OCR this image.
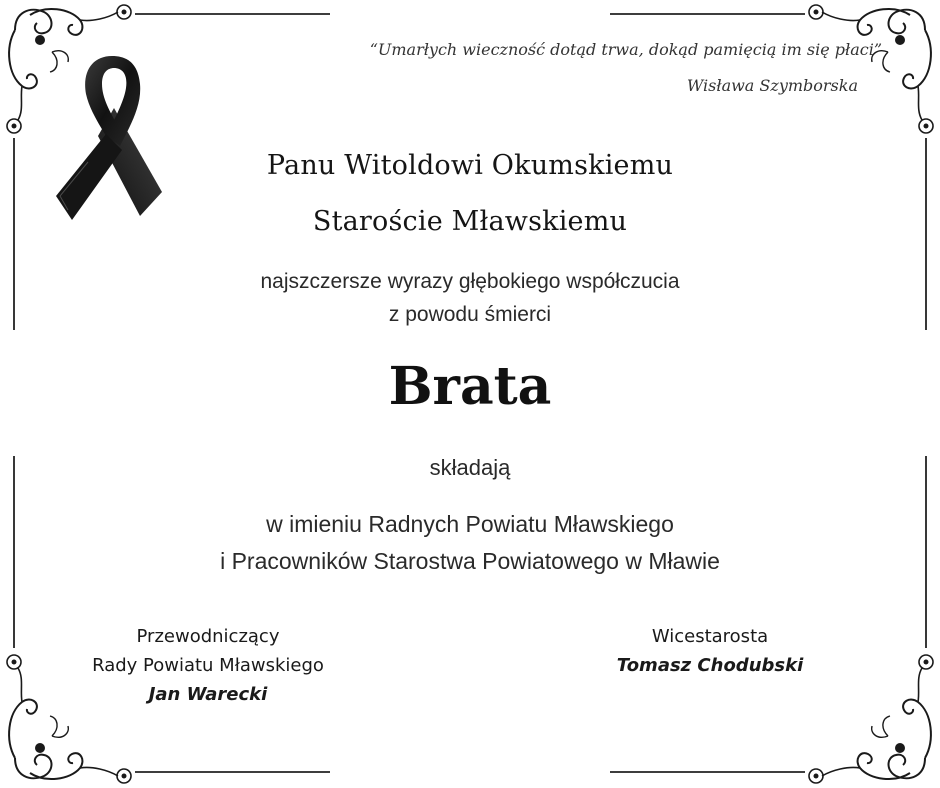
“Umarłych wieczność dotąd trwa, dokąd pamięcią im się płaci”
Wisława Szymborska
Panu Witoldowi Okumskiemu
Staroście Mławskiemu
najszczersze wyrazy głębokiego współczucia
z powodu śmierci
Brata
składają
w imieniu Radnych Powiatu Mławskiego
i Pracowników Starostwa Powiatowego w Mławie
Przewodniczący
Rady Powiatu Mławskiego
Jan Warecki
Wicestarosta
Tomasz Chodubski
